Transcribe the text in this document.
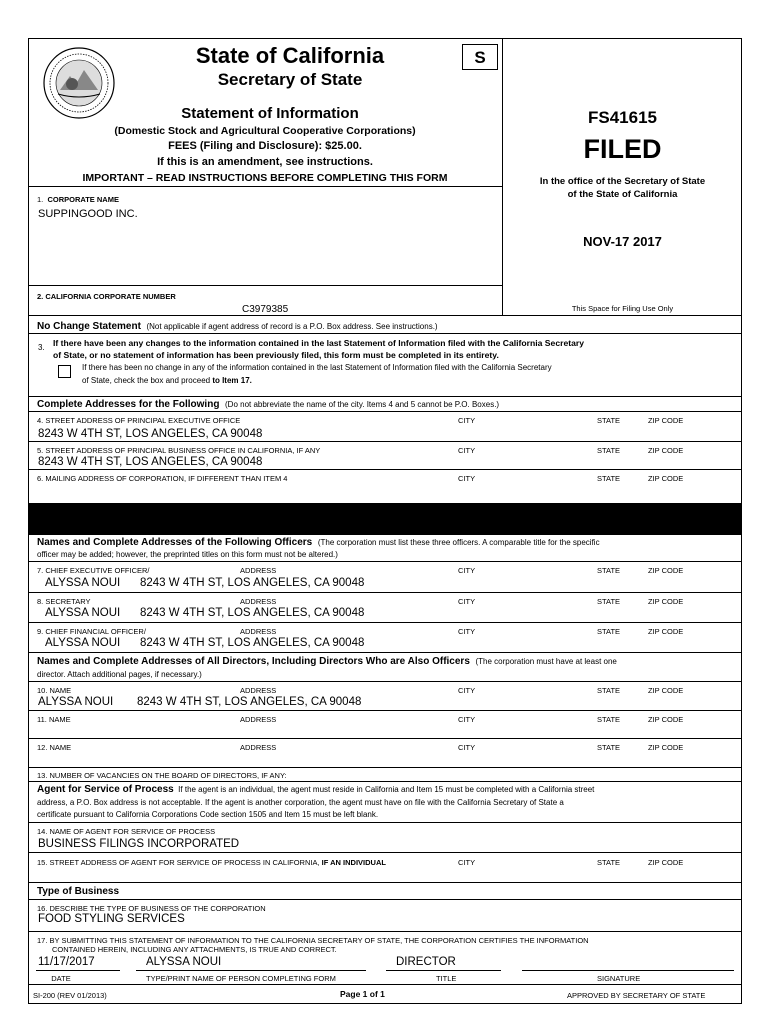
State of California	S
Secretary of State
Statement of Information
(Domestic Stock and Agricultural Cooperative Corporations)
FEES (Filing and Disclosure): $25.00.
If this is an amendment, see instructions.
IMPORTANT – READ INSTRUCTIONS BEFORE COMPLETING THIS FORM
FS41615
FILED
In the office of the Secretary of State
of the State of California
NOV-17 2017
This Space for Filing Use Only
1. CORPORATE NAME
SUPPINGOOD INC.
2. CALIFORNIA CORPORATE NUMBER
C3979385
No Change Statement (Not applicable if agent address of record is a P.O. Box address. See instructions.)
3. If there have been any changes to the information contained in the last Statement of Information filed with the California Secretary
of State, or no statement of information has been previously filed, this form must be completed in its entirety.
If there has been no change in any of the information contained in the last Statement of Information filed with the California Secretary
of State, check the box and proceed to Item 17.
Complete Addresses for the Following (Do not abbreviate the name of the city. Items 4 and 5 cannot be P.O. Boxes.)
4. STREET ADDRESS OF PRINCIPAL EXECUTIVE OFFICE	CITY	STATE	ZIP CODE
8243 W 4TH ST, LOS ANGELES, CA 90048
5. STREET ADDRESS OF PRINCIPAL BUSINESS OFFICE IN CALIFORNIA, IF ANY	CITY	STATE	ZIP CODE
8243 W 4TH ST, LOS ANGELES, CA 90048
6. MAILING ADDRESS OF CORPORATION, IF DIFFERENT THAN ITEM 4	CITY	STATE	ZIP CODE
Names and Complete Addresses of the Following Officers (The corporation must list these three officers. A comparable title for the specific
officer may be added; however, the preprinted titles on this form must not be altered.)
7. CHIEF EXECUTIVE OFFICER/	ADDRESS	CITY	STATE	ZIP CODE
ALYSSA NOUI 8243 W 4TH ST, LOS ANGELES, CA 90048
8. SECRETARY	ADDRESS	CITY	STATE	ZIP CODE
ALYSSA NOUI 8243 W 4TH ST, LOS ANGELES, CA 90048
9. CHIEF FINANCIAL OFFICER/	ADDRESS	CITY	STATE	ZIP CODE
ALYSSA NOUI 8243 W 4TH ST, LOS ANGELES, CA 90048
Names and Complete Addresses of All Directors, Including Directors Who are Also Officers (The corporation must have at least one
director. Attach additional pages, if necessary.)
10. NAME	ADDRESS	CITY	STATE	ZIP CODE
ALYSSA NOUI 8243 W 4TH ST, LOS ANGELES, CA 90048
11. NAME	ADDRESS	CITY	STATE	ZIP CODE
12. NAME	ADDRESS	CITY	STATE	ZIP CODE
13. NUMBER OF VACANCIES ON THE BOARD OF DIRECTORS, IF ANY:
Agent for Service of Process If the agent is an individual, the agent must reside in California and Item 15 must be completed with a California street
address, a P.O. Box address is not acceptable. If the agent is another corporation, the agent must have on file with the California Secretary of State a
certificate pursuant to California Corporations Code section 1505 and Item 15 must be left blank.
14. NAME OF AGENT FOR SERVICE OF PROCESS
BUSINESS FILINGS INCORPORATED
15. STREET ADDRESS OF AGENT FOR SERVICE OF PROCESS IN CALIFORNIA, IF AN INDIVIDUAL	CITY	STATE	ZIP CODE
Type of Business
16. DESCRIBE THE TYPE OF BUSINESS OF THE CORPORATION
FOOD STYLING SERVICES
17. BY SUBMITTING THIS STATEMENT OF INFORMATION TO THE CALIFORNIA SECRETARY OF STATE, THE CORPORATION CERTIFIES THE INFORMATION
CONTAINED HEREIN, INCLUDING ANY ATTACHMENTS, IS TRUE AND CORRECT.
11/17/2017	ALYSSA NOUI	DIRECTOR
DATE	TYPE/PRINT NAME OF PERSON COMPLETING FORM	TITLE	SIGNATURE
SI-200 (REV 01/2013)	Page 1 of 1	APPROVED BY SECRETARY OF STATE
